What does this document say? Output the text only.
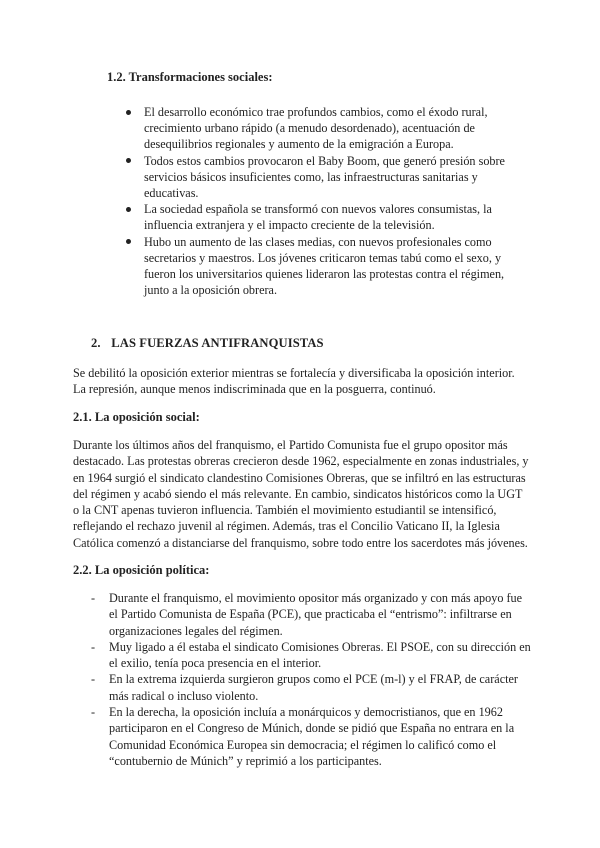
1.2. Transformaciones sociales:
El desarrollo económico trae profundos cambios, como el éxodo rural, crecimiento urbano rápido (a menudo desordenado), acentuación de desequilibrios regionales y aumento de la emigración a Europa.
Todos estos cambios provocaron el Baby Boom, que generó presión sobre servicios básicos insuficientes como, las infraestructuras sanitarias y educativas.
La sociedad española se transformó con nuevos valores consumistas, la influencia extranjera y el impacto creciente de la televisión.
Hubo un aumento de las clases medias, con nuevos profesionales como secretarios y maestros. Los jóvenes criticaron temas tabú como el sexo, y fueron los universitarios quienes lideraron las protestas contra el régimen, junto a la oposición obrera.
2. LAS FUERZAS ANTIFRANQUISTAS

Se debilitó la oposición exterior mientras se fortalecía y diversificaba la oposición interior. La represión, aunque menos indiscriminada que en la posguerra, continuó.

2.1. La oposición social:

Durante los últimos años del franquismo, el Partido Comunista fue el grupo opositor más destacado. Las protestas obreras crecieron desde 1962, especialmente en zonas industriales, y en 1964 surgió el sindicato clandestino Comisiones Obreras, que se infiltró en las estructuras del régimen y acabó siendo el más relevante. En cambio, sindicatos históricos como la UGT o la CNT apenas tuvieron influencia. También el movimiento estudiantil se intensificó, reflejando el rechazo juvenil al régimen. Además, tras el Concilio Vaticano II, la Iglesia Católica comenzó a distanciarse del franquismo, sobre todo entre los sacerdotes más jóvenes.

2.2. La oposición política:
- Durante el franquismo, el movimiento opositor más organizado y con más apoyo fue el Partido Comunista de España (PCE), que practicaba el “entrismo”: infiltrarse en organizaciones legales del régimen.
- Muy ligado a él estaba el sindicato Comisiones Obreras. El PSOE, con su dirección en el exilio, tenía poca presencia en el interior.
- En la extrema izquierda surgieron grupos como el PCE (m-l) y el FRAP, de carácter más radical o incluso violento.
- En la derecha, la oposición incluía a monárquicos y democristianos, que en 1962 participaron en el Congreso de Múnich, donde se pidió que España no entrara en la Comunidad Económica Europea sin democracia; el régimen lo calificó como el “contubernio de Múnich” y reprimió a los participantes.
